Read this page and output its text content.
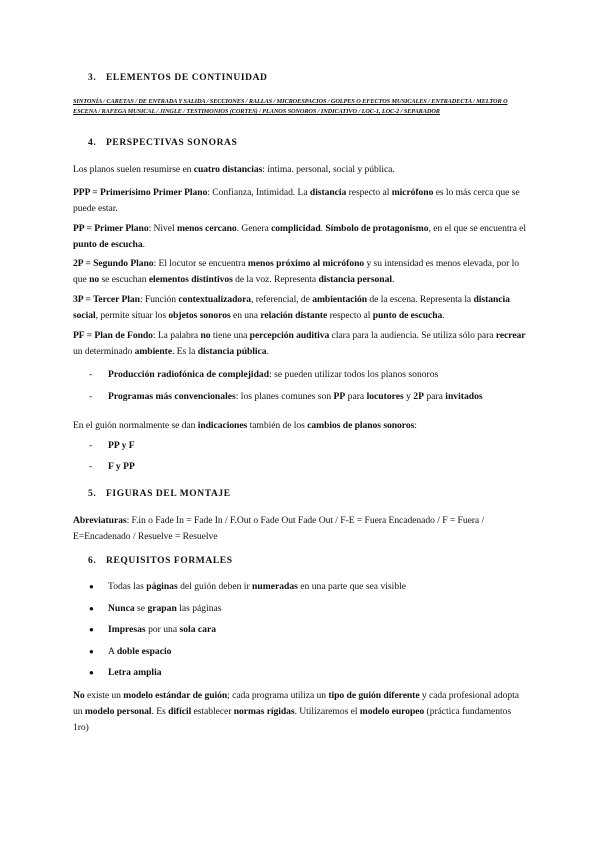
3. ELEMENTOS DE CONTINUIDAD
SINTONÍA / CARETAS / DE ENTRADA Y SALIDA / SECCIONES / RALLAS / MICROESPACIOS / GOLPES O EFECTOS MUSICALES / ENTRADECTA / MELTOR O ESCENA / RAFEGA MUSICAL / JINGLE / TESTIMONIOS (CORTES) / PLANOS SONOROS / INDICATIVO / LOC-1, LOC-2 / SEPARADOR
4. PERSPECTIVAS SONORAS
Los planos suelen resumirse en cuatro distancias: íntima. personal, social y pública.
PPP = Primerísimo Primer Plano: Confianza, Intimidad. La distancia respecto al micrófono es lo más cerca que se puede estar.
PP = Primer Plano: Nivel menos cercano. Genera complicidad. Símbolo de protagonismo, en el que se encuentra el punto de escucha.
2P = Segundo Plano: El locutor se encuentra menos próximo al micrófono y su intensidad es menos elevada, por lo que no se escuchan elementos distintivos de la voz. Representa distancia personal.
3P = Tercer Plan: Función contextualizadora, referencial, de ambientación de la escena. Representa la distancia social, permite situar los objetos sonoros en una relación distante respecto al punto de escucha.
PF = Plan de Fondo: La palabra no tiene una percepción auditiva clara para la audiencia. Se utiliza sólo para recrear un determinado ambiente. Es la distancia pública.
-	Producción radiofónica de complejidad: se pueden utilizar todos los planos sonoros
-	Programas más convencionales: los planes comunes son PP para locutores y 2P para invitados
En el guión normalmente se dan indicaciones también de los cambios de planos sonoros:
-	PP y F
-	F y PP
5. FIGURAS DEL MONTAJE
Abreviaturas: F.in o Fade In = Fade In / F.Out o Fade Out Fade Out / F-E = Fuera Encadenado / F = Fuera / E=Encadenado / Resuelve = Resuelve
6. REQUISITOS FORMALES
●	Todas las páginas del guión deben ir numeradas en una parte que sea visible
●	Nunca se grapan las páginas
●	Impresas por una sola cara
●	A doble espacio
●	Letra amplia
No existe un modelo estándar de guión; cada programa utiliza un tipo de guión diferente y cada profesional adopta un modelo personal. Es difícil establecer normas rígidas. Utilizaremos el modelo europeo (práctica fundamentos 1ro)
